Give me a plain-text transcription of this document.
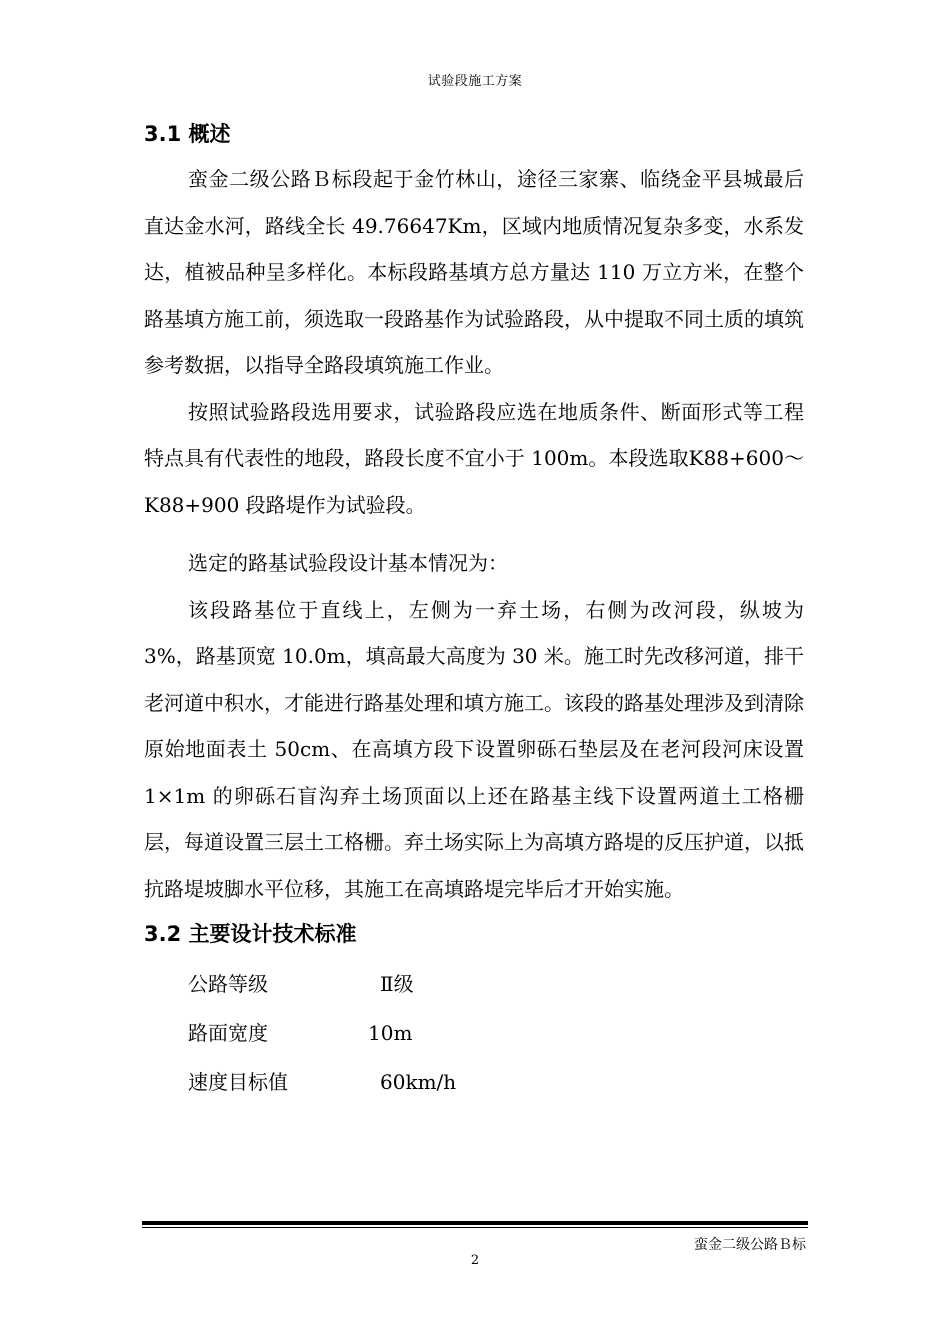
试验段施工方案
3.1 概述

蛮金二级公路Ｂ标段起于金竹林山，途径三家寨、临绕金平县城最后直达金水河，路线全长 49.76647Km，区域内地质情况复杂多变，水系发达，植被品种呈多样化。本标段路基填方总方量达 110 万立方米，在整个路基填方施工前，须选取一段路基作为试验路段，从中提取不同土质的填筑参考数据，以指导全路段填筑施工作业。

按照试验路段选用要求，试验路段应选在地质条件、断面形式等工程特点具有代表性的地段，路段长度不宜小于 100m。本段选取K88+600～K88+900 段路堤作为试验段。

选定的路基试验段设计基本情况为：

该段路基位于直线上，左侧为一弃土场，右侧为改河段，纵坡为 3%，路基顶宽 10.0m，填高最大高度为 30 米。施工时先改移河道，排干老河道中积水，才能进行路基处理和填方施工。该段的路基处理涉及到清除原始地面表土 50cm、在高填方段下设置卵砾石垫层及在老河段河床设置 1×1m 的卵砾石盲沟弃土场顶面以上还在路基主线下设置两道土工格栅层，每道设置三层土工格栅。弃土场实际上为高填方路堤的反压护道，以抵抗路堤坡脚水平位移，其施工在高填路堤完毕后才开始实施。

3.2 主要设计技术标准
公路等级	Ⅱ级
路面宽度	10m
速度目标值	60km/h
蛮金二级公路Ｂ标
2
